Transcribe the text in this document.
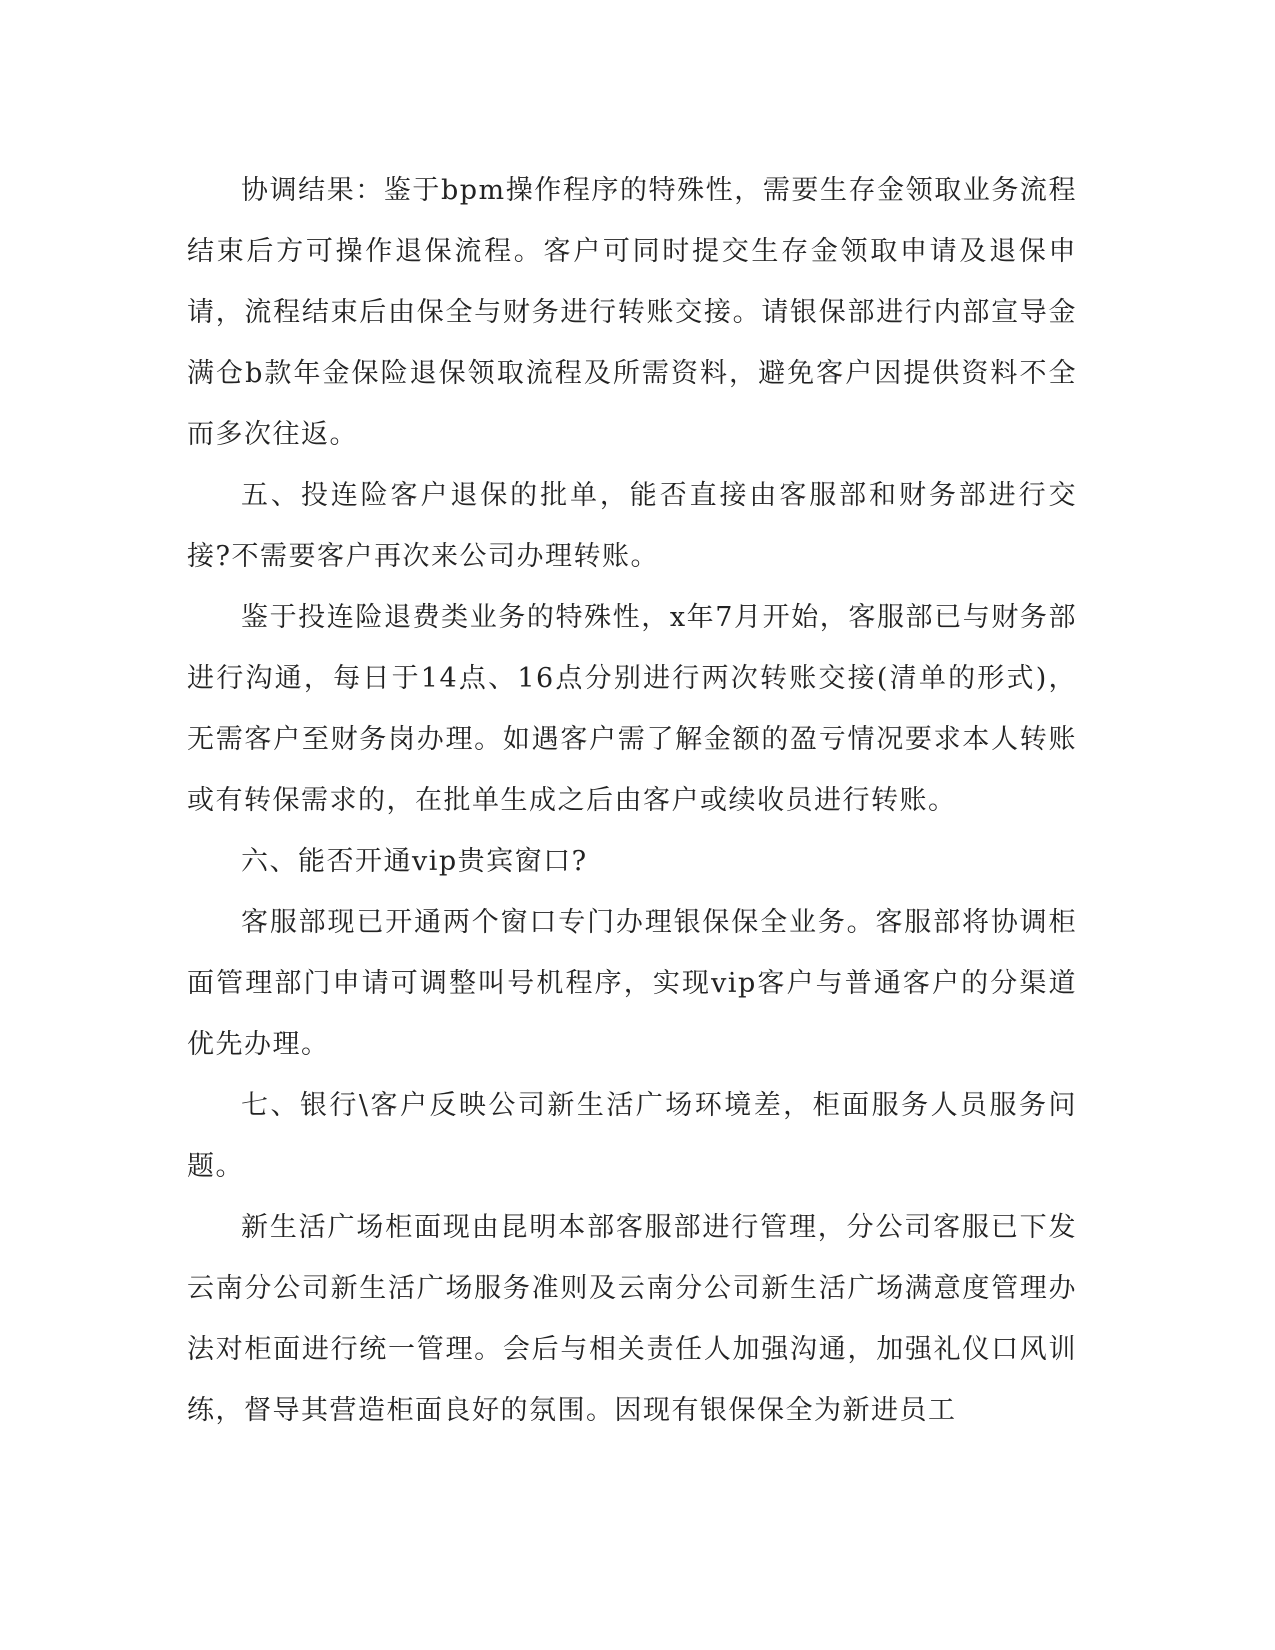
协调结果：鉴于bpm操作程序的特殊性，需要生存金领取业务流程结束后方可操作退保流程。客户可同时提交生存金领取申请及退保申请，流程结束后由保全与财务进行转账交接。请银保部进行内部宣导金满仓b款年金保险退保领取流程及所需资料，避免客户因提供资料不全而多次往返。

五、投连险客户退保的批单，能否直接由客服部和财务部进行交接?不需要客户再次来公司办理转账。

鉴于投连险退费类业务的特殊性，x年7月开始，客服部已与财务部进行沟通，每日于14点、16点分别进行两次转账交接(清单的形式)，无需客户至财务岗办理。如遇客户需了解金额的盈亏情况要求本人转账或有转保需求的，在批单生成之后由客户或续收员进行转账。

六、能否开通vip贵宾窗口?

客服部现已开通两个窗口专门办理银保保全业务。客服部将协调柜面管理部门申请可调整叫号机程序，实现vip客户与普通客户的分渠道优先办理。

七、银行\客户反映公司新生活广场环境差，柜面服务人员服务问题。

新生活广场柜面现由昆明本部客服部进行管理，分公司客服已下发云南分公司新生活广场服务准则及云南分公司新生活广场满意度管理办法对柜面进行统一管理。会后与相关责任人加强沟通，加强礼仪口风训练，督导其营造柜面良好的氛围。因现有银保保全为新进员工
